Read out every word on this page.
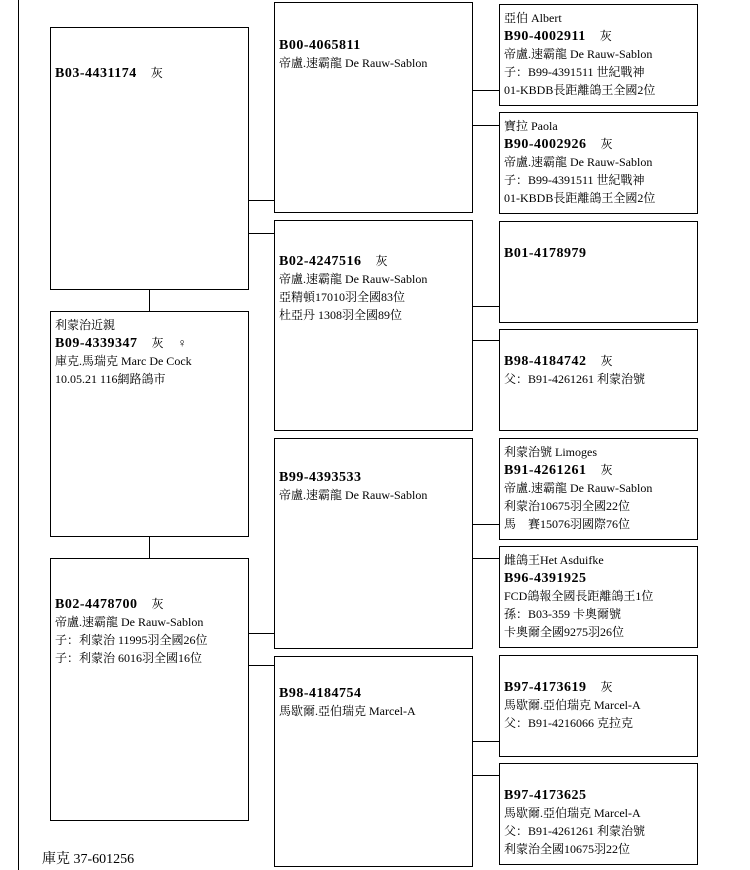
B03-4431174 灰
利蒙治近親
B09-4339347 灰 ♀
庫克.馬瑞克 Marc De Cock
10.05.21 116網路鴿市
B02-4478700 灰
帝盧.速霸龍 De Rauw-Sablon
子：利蒙治 11995羽全國26位
子：利蒙治 6016羽全國16位
B00-4065811
帝盧.速霸龍 De Rauw-Sablon
B02-4247516 灰
帝盧.速霸龍 De Rauw-Sablon
亞精頓17010羽全國83位
杜亞丹 1308羽全國89位
B99-4393533
帝盧.速霸龍 De Rauw-Sablon
B98-4184754
馬歇爾.亞伯瑞克 Marcel-A
亞伯 Albert
B90-4002911 灰
帝盧.速霸龍 De Rauw-Sablon
子：B99-4391511 世紀戰神
01-KBDB長距離鴿王全國2位
寶拉 Paola
B90-4002926 灰
帝盧.速霸龍 De Rauw-Sablon
子：B99-4391511 世紀戰神
01-KBDB長距離鴿王全國2位
B01-4178979
B98-4184742 灰
父：B91-4261261 利蒙治號
利蒙治號 Limoges
B91-4261261 灰
帝盧.速霸龍 De Rauw-Sablon
利蒙治10675羽全國22位
馬　賽15076羽國際76位
雌鴿王Het Asduifke
B96-4391925
FCD鴿報全國長距離鴿王1位
孫：B03-359 卡奧爾號
卡奧爾全國9275羽26位
B97-4173619 灰
馬歇爾.亞伯瑞克 Marcel-A
父：B91-4216066 克拉克
B97-4173625
馬歇爾.亞伯瑞克 Marcel-A
父：B91-4261261 利蒙治號
利蒙治全國10675羽22位
庫克 37-601256
